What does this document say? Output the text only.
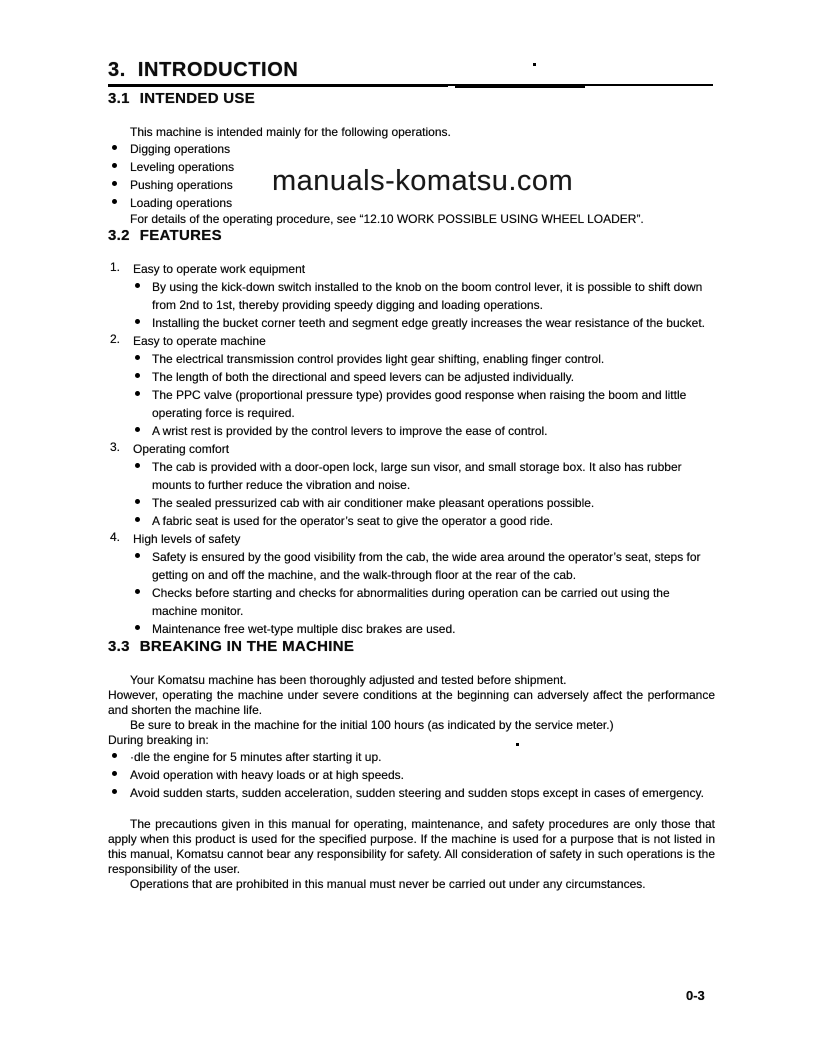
manuals-komatsu.com
3. INTRODUCTION
3.1 INTENDED USE

This machine is intended mainly for the following operations.

Digging operations
Leveling operations
Pushing operations
Loading operations

For details of the operating procedure, see “12.10 WORK POSSIBLE USING WHEEL LOADER”.

3.2 FEATURES
1. Easy to operate work equipment
By using the kick-down switch installed to the knob on the boom control lever, it is possible to shift down from 2nd to 1st, thereby providing speedy digging and loading operations.
Installing the bucket corner teeth and segment edge greatly increases the wear resistance of the bucket.
2. Easy to operate machine
The electrical transmission control provides light gear shifting, enabling finger control.
The length of both the directional and speed levers can be adjusted individually.
The PPC valve (proportional pressure type) provides good response when raising the boom and little operating force is required.
A wrist rest is provided by the control levers to improve the ease of control.
3. Operating comfort
The cab is provided with a door-open lock, large sun visor, and small storage box. It also has rubber mounts to further reduce the vibration and noise.
The sealed pressurized cab with air conditioner make pleasant operations possible.
A fabric seat is used for the operator’s seat to give the operator a good ride.
4. High levels of safety
Safety is ensured by the good visibility from the cab, the wide area around the operator’s seat, steps for getting on and off the machine, and the walk-through floor at the rear of the cab.
Checks before starting and checks for abnormalities during operation can be carried out using the machine monitor.
Maintenance free wet-type multiple disc brakes are used.
3.3 BREAKING IN THE MACHINE

Your Komatsu machine has been thoroughly adjusted and tested before shipment.

However, operating the machine under severe conditions at the beginning can adversely affect the performance and shorten the machine life.

Be sure to break in the machine for the initial 100 hours (as indicated by the service meter.)

During breaking in:

·dle the engine for 5 minutes after starting it up.
Avoid operation with heavy loads or at high speeds.
Avoid sudden starts, sudden acceleration, sudden steering and sudden stops except in cases of emergency.

The precautions given in this manual for operating, maintenance, and safety procedures are only those that apply when this product is used for the specified purpose. If the machine is used for a purpose that is not listed in this manual, Komatsu cannot bear any responsibility for safety. All consideration of safety in such operations is the responsibility of the user.

Operations that are prohibited in this manual must never be carried out under any circumstances.

0-3
